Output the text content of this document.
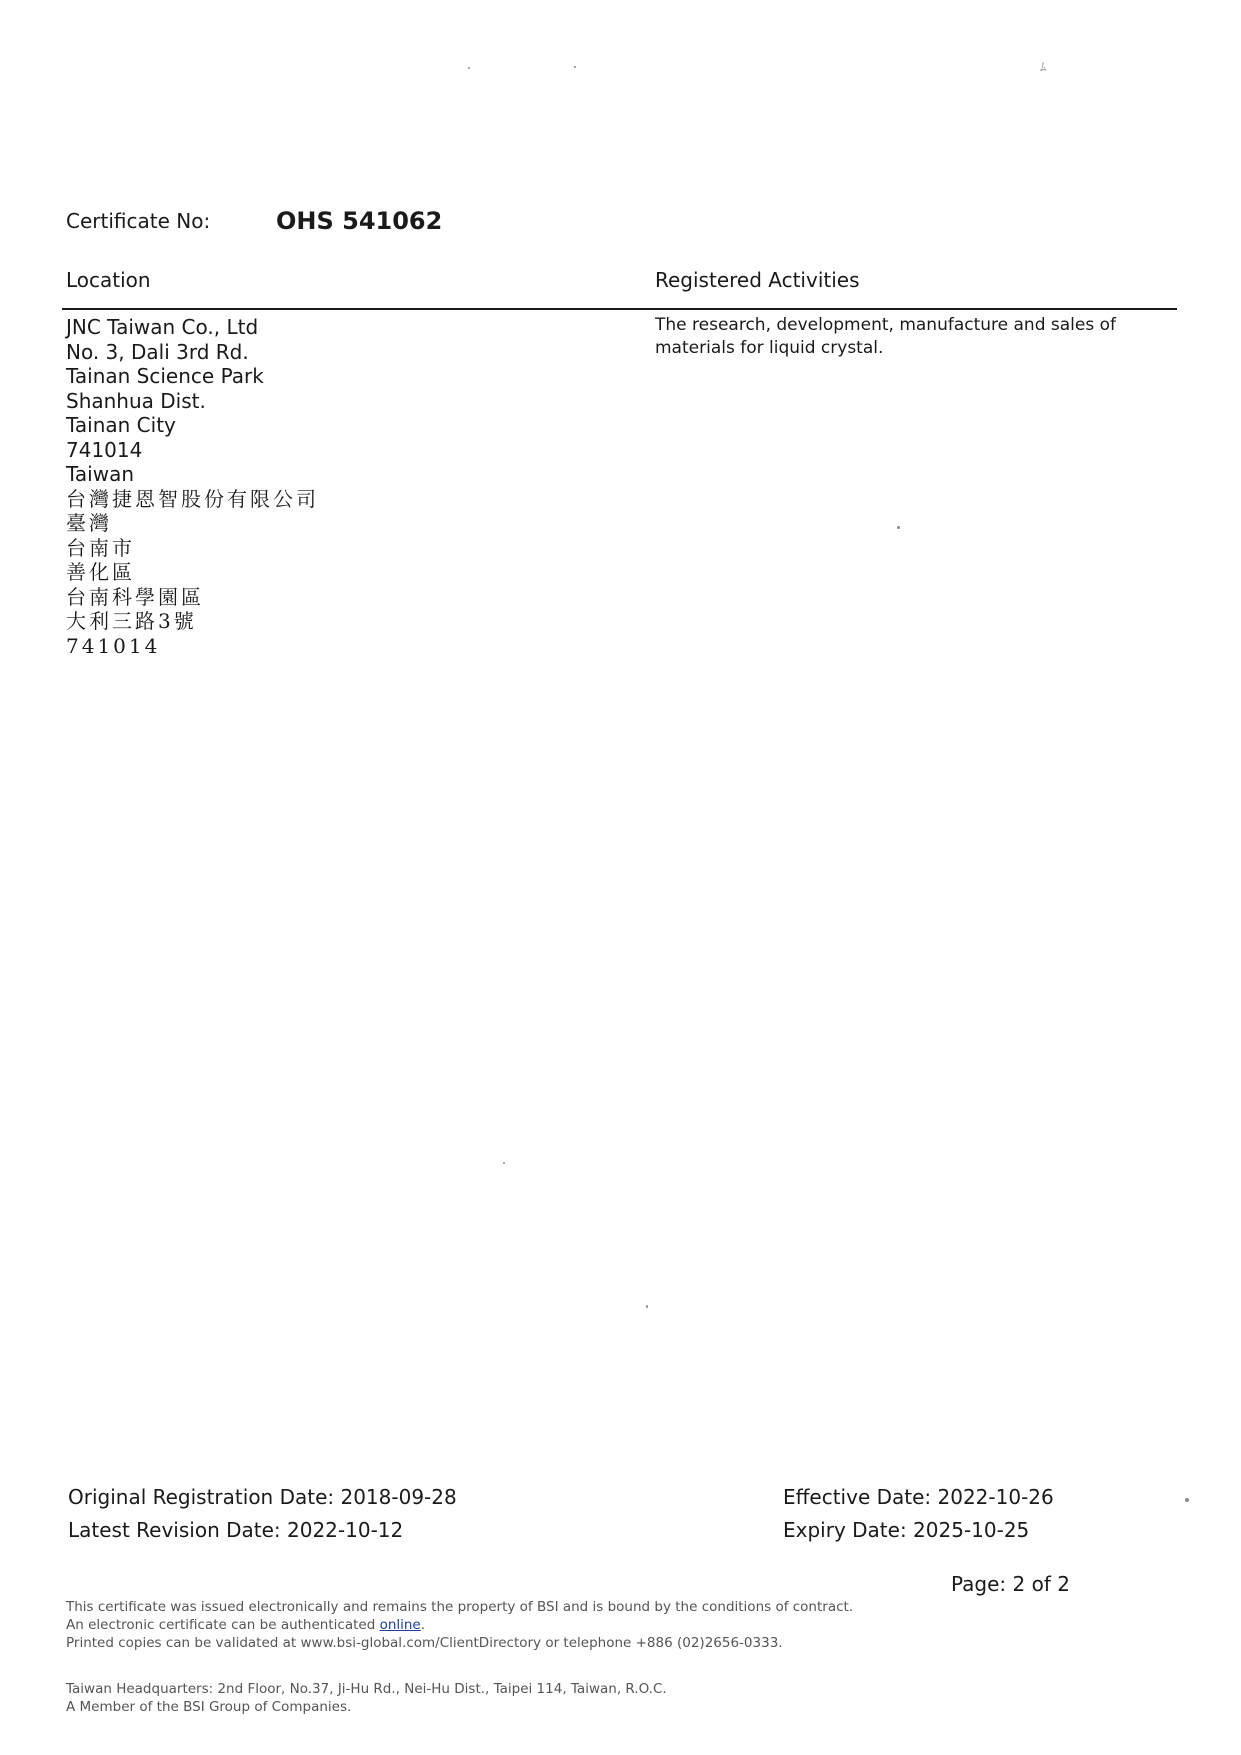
ﾑ
Certificate No:	OHS 541062
Location	Registered Activities
JNC Taiwan Co., Ltd
No. 3, Dali 3rd Rd.
Tainan Science Park
Shanhua Dist.
Tainan City
741014
Taiwan
台灣捷恩智股份有限公司
臺灣
台南市
善化區
台南科學園區
大利三路3號
741014
The research, development, manufacture and sales of materials for liquid crystal.
Original Registration Date: 2018-09-28
Latest Revision Date: 2022-10-12
Effective Date: 2022-10-26
Expiry Date: 2025-10-25
Page: 2 of 2
This certificate was issued electronically and remains the property of BSI and is bound by the conditions of contract.
An electronic certificate can be authenticated online.
Printed copies can be validated at www.bsi-global.com/ClientDirectory or telephone +886 (02)2656-0333.
Taiwan Headquarters: 2nd Floor, No.37, Ji-Hu Rd., Nei-Hu Dist., Taipei 114, Taiwan, R.O.C.
A Member of the BSI Group of Companies.
